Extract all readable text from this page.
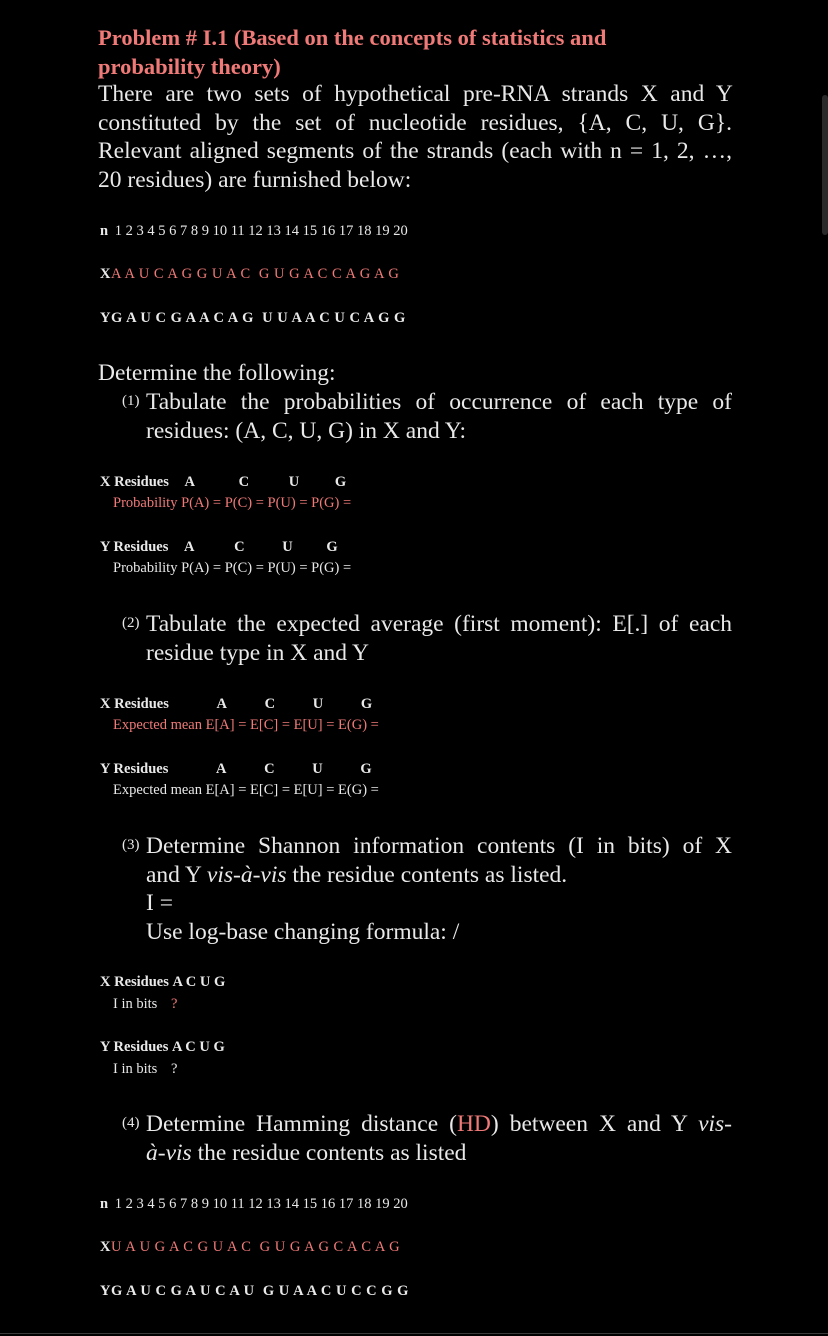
Problem # I.1 (Based on the concepts of statistics and
probability theory)
There are two sets of hypothetical pre-RNA strands X and Y constituted by the set of nucleotide residues, {A, C, U, G}. Relevant aligned segments of the strands (each with n = 1, 2, …, 20 residues) are furnished below:
n 1 2 3 4 5 6 7 8 9 10 11 12 13 14 15 16 17 18 19 20
XA A U C A G G U A C  G U G A C C A G A G
YG A U C G A A C A G  U U A A C U C A G G
Determine the following:
(1) Tabulate the probabilities of occurrence of each type of residues: (A, C, U, G) in X and Y:
X Residues A	C	U G
Probability P(A) = P(C) = P(U) = P(G) =
Y Residues A	C	U G
Probability P(A) = P(C) = P(U) = P(G) =
(2) Tabulate the expected average (first moment): E[.] of each residue type in X and Y
X Residues	A	C	U	G
Expected mean E[A] = E[C] = E[U] = E(G) =
Y Residues	A	C	U	G
Expected mean E[A] = E[C] = E[U] = E(G) =
(3) Determine Shannon information contents (I in bits) of X
and Y vis-à-vis the residue contents as listed.
I =
Use log-base changing formula: /
X Residues A C U G
I in bits ?
Y Residues A C U G
I in bits ?
(4) Determine Hamming distance (HD) between X and Y vis-
à-vis the residue contents as listed
n 1 2 3 4 5 6 7 8 9 10 11 12 13 14 15 16 17 18 19 20
XU A U G A C G U A C  G U G A G C A C A G
YG A U C G A U C A U  G U A A C U C C G G
